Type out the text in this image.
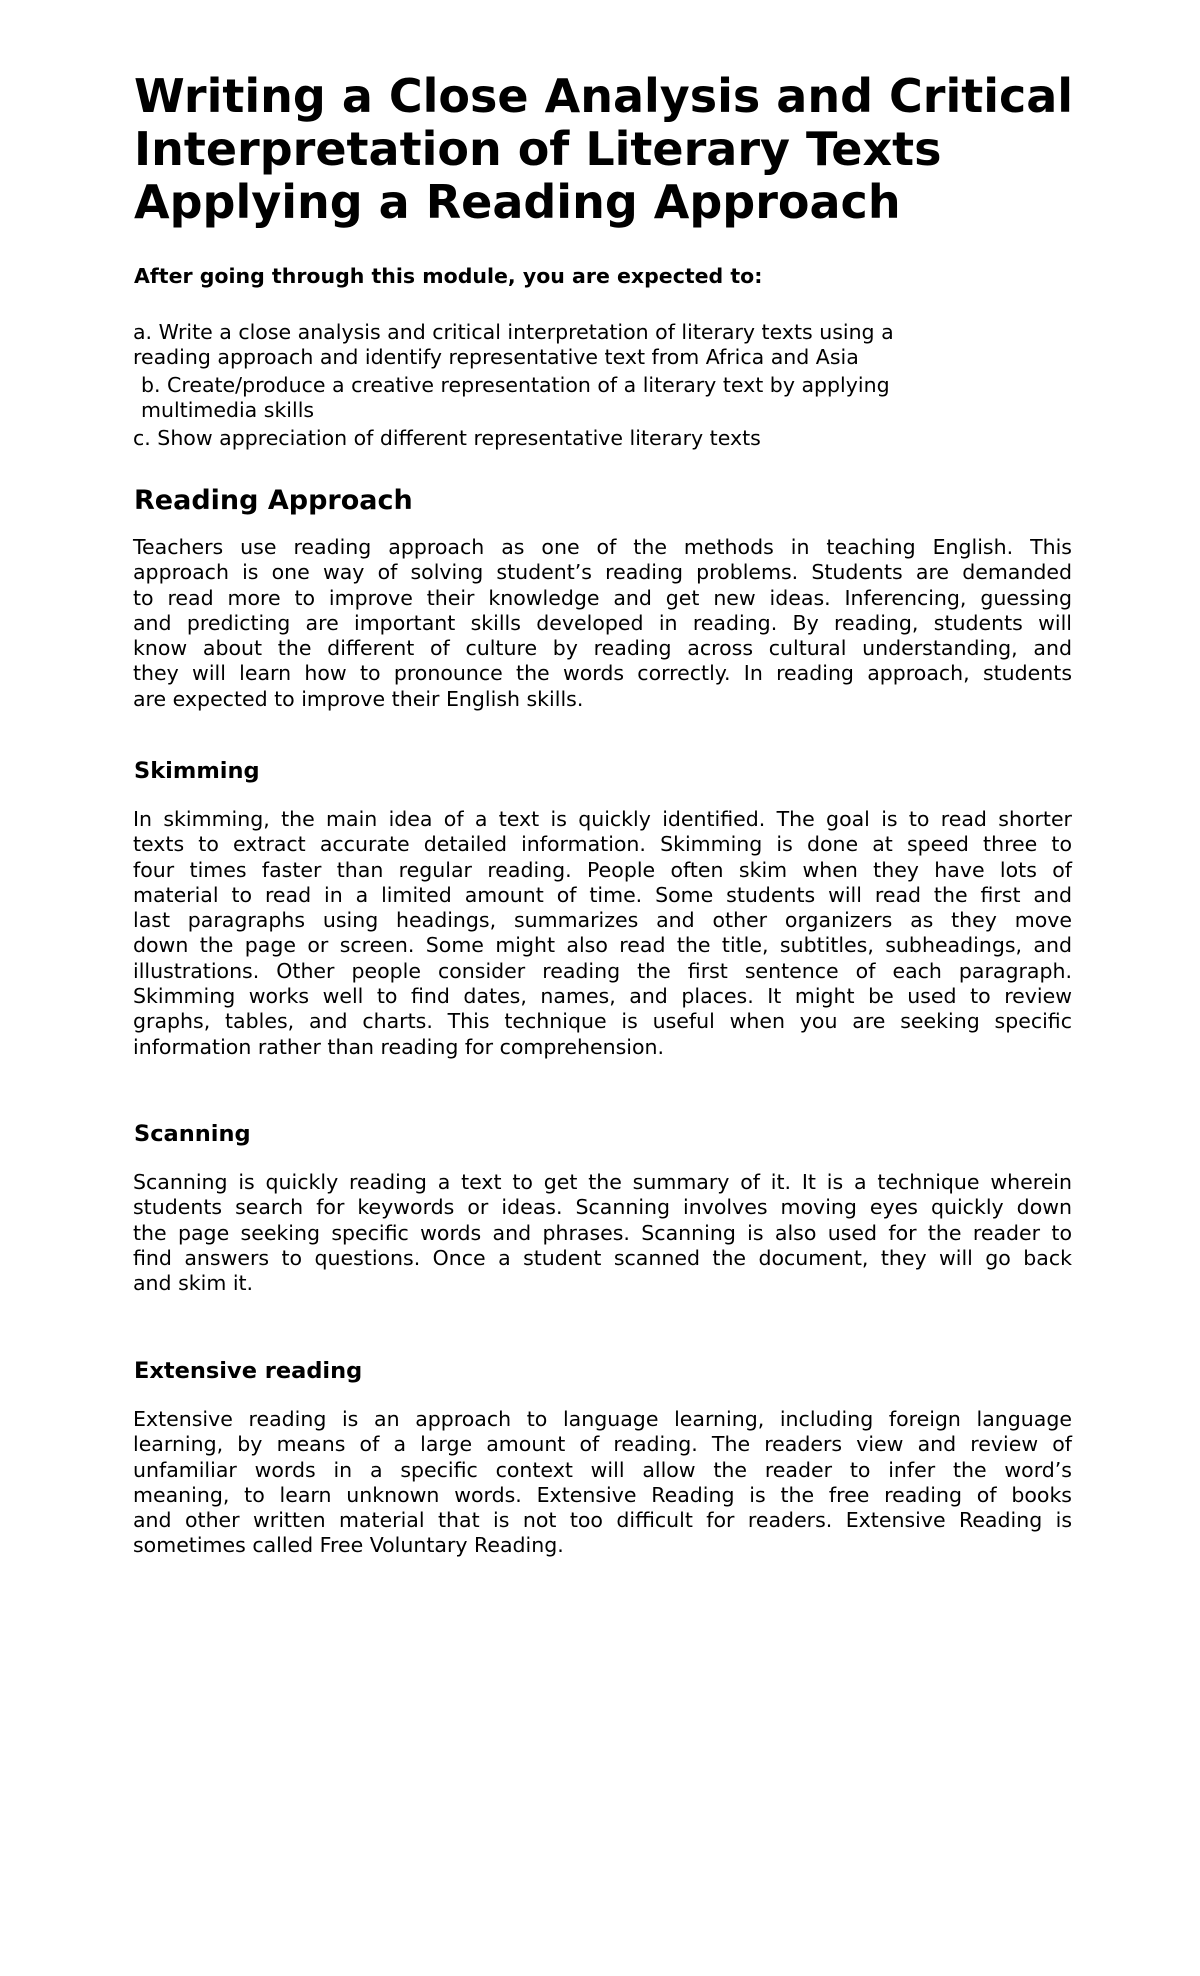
Writing a Close Analysis and Critical
Interpretation of Literary Texts
Applying a Reading Approach

After going through this module, you are expected to:

a. Write a close analysis and critical interpretation of literary texts using a
reading approach and identify representative text from Africa and Asia

b. Create/produce a creative representation of a literary text by applying
multimedia skills

c. Show appreciation of different representative literary texts

Reading Approach
Teachers use reading approach as one of the methods in teaching English. This
approach is one way of solving student’s reading problems. Students are demanded
to read more to improve their knowledge and get new ideas. Inferencing, guessing
and predicting are important skills developed in reading. By reading, students will
know about the different of culture by reading across cultural understanding, and
they will learn how to pronounce the words correctly. In reading approach, students
are expected to improve their English skills.
Skimming
In skimming, the main idea of a text is quickly identified. The goal is to read shorter
texts to extract accurate detailed information. Skimming is done at speed three to
four times faster than regular reading. People often skim when they have lots of
material to read in a limited amount of time. Some students will read the first and
last paragraphs using headings, summarizes and other organizers as they move
down the page or screen. Some might also read the title, subtitles, subheadings, and
illustrations. Other people consider reading the first sentence of each paragraph.
Skimming works well to find dates, names, and places. It might be used to review
graphs, tables, and charts. This technique is useful when you are seeking specific
information rather than reading for comprehension.
Scanning
Scanning is quickly reading a text to get the summary of it. It is a technique wherein
students search for keywords or ideas. Scanning involves moving eyes quickly down
the page seeking specific words and phrases. Scanning is also used for the reader to
find answers to questions. Once a student scanned the document, they will go back
and skim it.
Extensive reading
Extensive reading is an approach to language learning, including foreign language
learning, by means of a large amount of reading. The readers view and review of
unfamiliar words in a specific context will allow the reader to infer the word’s
meaning, to learn unknown words. Extensive Reading is the free reading of books
and other written material that is not too difficult for readers. Extensive Reading is
sometimes called Free Voluntary Reading.
